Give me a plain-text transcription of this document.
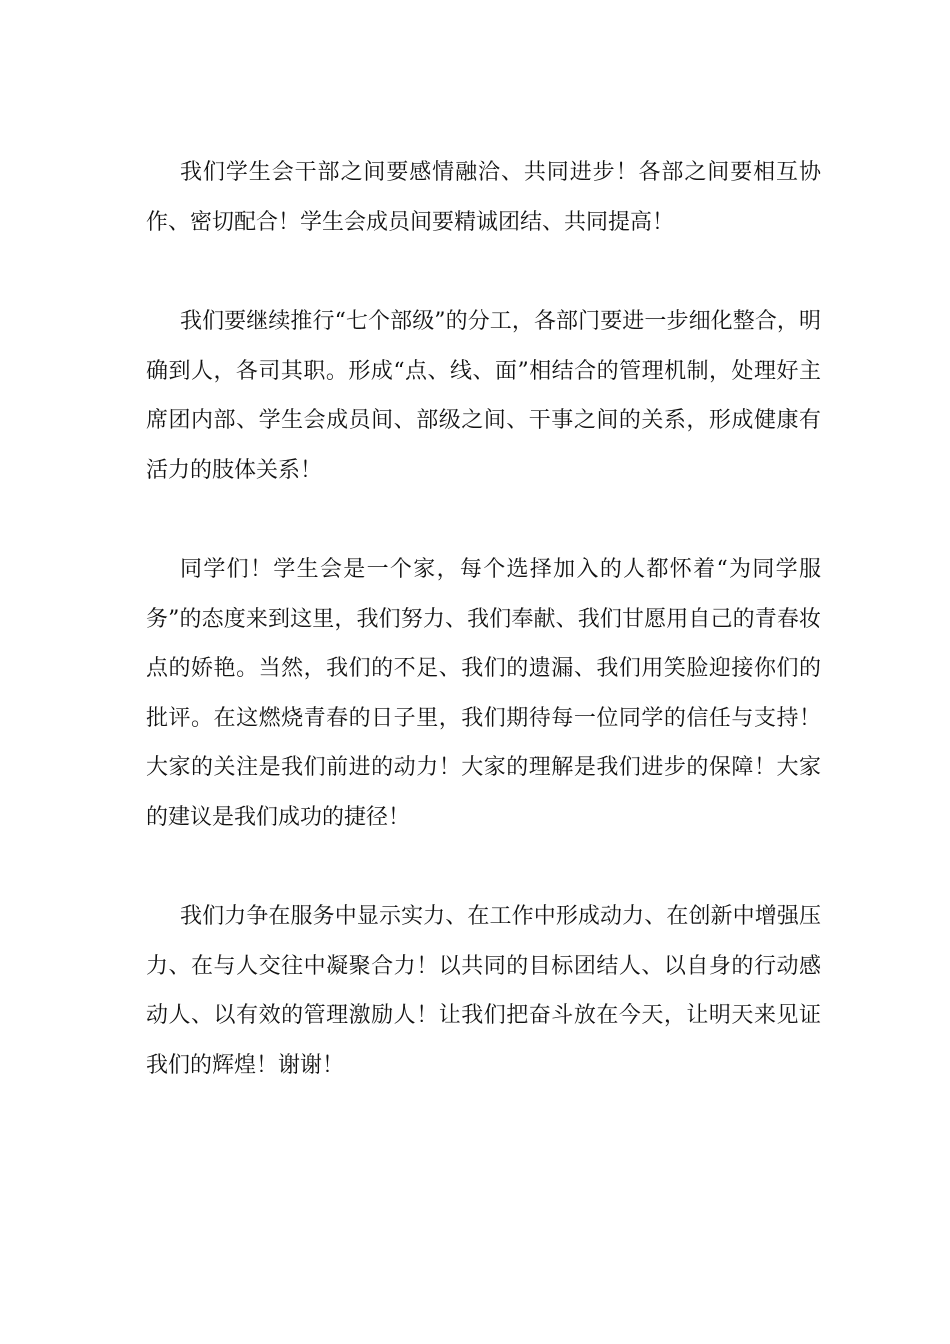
我们学生会干部之间要感情融洽、共同进步！各部之间要相互协作、密切配合！学生会成员间要精诚团结、共同提高！

我们要继续推行“七个部级”的分工，各部门要进一步细化整合，明确到人，各司其职。形成“点、线、面”相结合的管理机制，处理好主席团内部、学生会成员间、部级之间、干事之间的关系，形成健康有活力的肢体关系！

同学们！学生会是一个家，每个选择加入的人都怀着“为同学服务”的态度来到这里，我们努力、我们奉献、我们甘愿用自己的青春妆点的娇艳。当然，我们的不足、我们的遗漏、我们用笑脸迎接你们的批评。在这燃烧青春的日子里，我们期待每一位同学的信任与支持！大家的关注是我们前进的动力！大家的理解是我们进步的保障！大家的建议是我们成功的捷径！

我们力争在服务中显示实力、在工作中形成动力、在创新中增强压力、在与人交往中凝聚合力！以共同的目标团结人、以自身的行动感动人、以有效的管理激励人！让我们把奋斗放在今天，让明天来见证我们的辉煌！谢谢！
